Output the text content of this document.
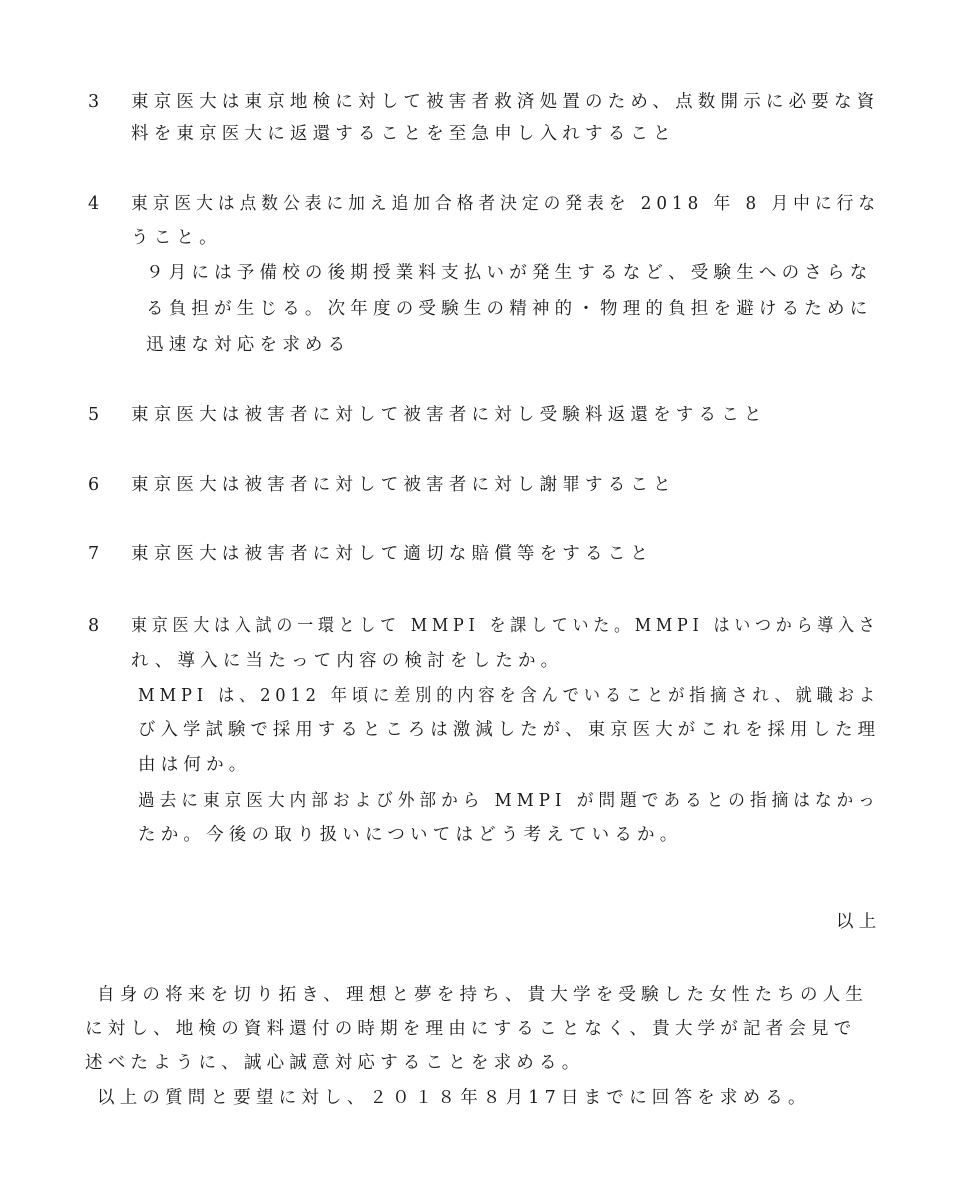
3 東京医大は東京地検に対して被害者救済処置のため、点数開示に必要な資
料を東京医大に返還することを至急申し入れすること
4 東京医大は点数公表に加え追加合格者決定の発表を 2018 年 8 月中に行な
うこと。
９月には予備校の後期授業料支払いが発生するなど、受験生へのさらな
る負担が生じる。次年度の受験生の精神的・物理的負担を避けるために
迅速な対応を求める
5 東京医大は被害者に対して被害者に対し受験料返還をすること
6 東京医大は被害者に対して被害者に対し謝罪すること
7 東京医大は被害者に対して適切な賠償等をすること
8 東京医大は入試の一環として MMPI を課していた。MMPI はいつから導入さ
れ、導入に当たって内容の検討をしたか。
MMPI は、2012 年頃に差別的内容を含んでいることが指摘され、就職およ
び入学試験で採用するところは激減したが、東京医大がこれを採用した理
由は何か。
過去に東京医大内部および外部から MMPI が問題であるとの指摘はなかっ
たか。今後の取り扱いについてはどう考えているか。
以上
自身の将来を切り拓き、理想と夢を持ち、貴大学を受験した女性たちの人生
に対し、地検の資料還付の時期を理由にすることなく、貴大学が記者会見で
述べたように、誠心誠意対応することを求める。
以上の質問と要望に対し、２０１８年８月17日までに回答を求める。
